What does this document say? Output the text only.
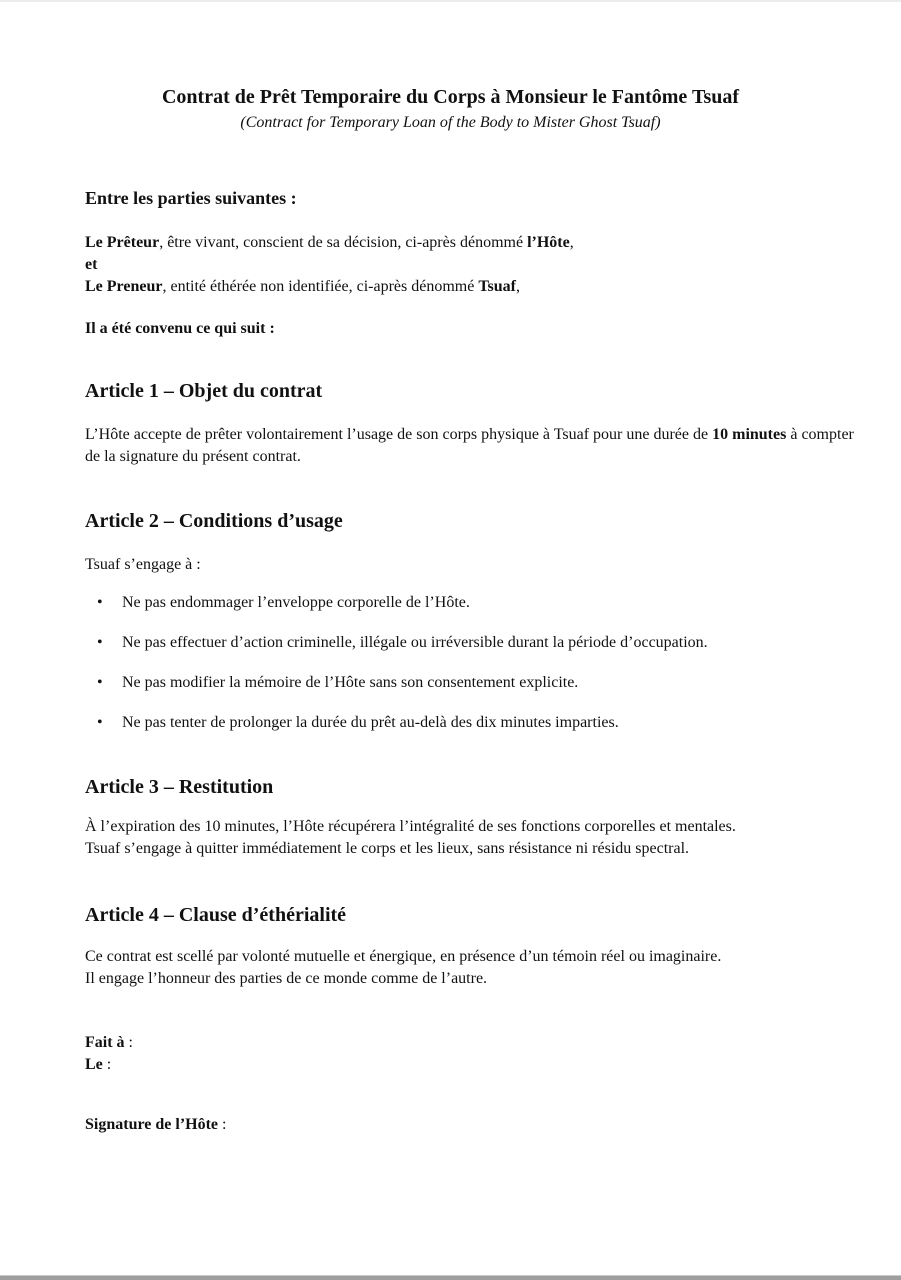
Contrat de Prêt Temporaire du Corps à Monsieur le Fantôme Tsuaf
(Contract for Temporary Loan of the Body to Mister Ghost Tsuaf)

Entre les parties suivantes :

Le Prêteur, être vivant, conscient de sa décision, ci-après dénommé l’Hôte,
et
Le Preneur, entité éthérée non identifiée, ci-après dénommé Tsuaf,

Il a été convenu ce qui suit :

Article 1 – Objet du contrat

L’Hôte accepte de prêter volontairement l’usage de son corps physique à Tsuaf pour une durée de 10 minutes à compter de la signature du présent contrat.

Article 2 – Conditions d’usage

Tsuaf s’engage à :

• Ne pas endommager l’enveloppe corporelle de l’Hôte.
• Ne pas effectuer d’action criminelle, illégale ou irréversible durant la période d’occupation.
• Ne pas modifier la mémoire de l’Hôte sans son consentement explicite.
• Ne pas tenter de prolonger la durée du prêt au-delà des dix minutes imparties.
Article 3 – Restitution

À l’expiration des 10 minutes, l’Hôte récupérera l’intégralité de ses fonctions corporelles et mentales.
Tsuaf s’engage à quitter immédiatement le corps et les lieux, sans résistance ni résidu spectral.

Article 4 – Clause d’éthérialité

Ce contrat est scellé par volonté mutuelle et énergique, en présence d’un témoin réel ou imaginaire.
Il engage l’honneur des parties de ce monde comme de l’autre.

Fait à :
Le :

Signature de l’Hôte :
